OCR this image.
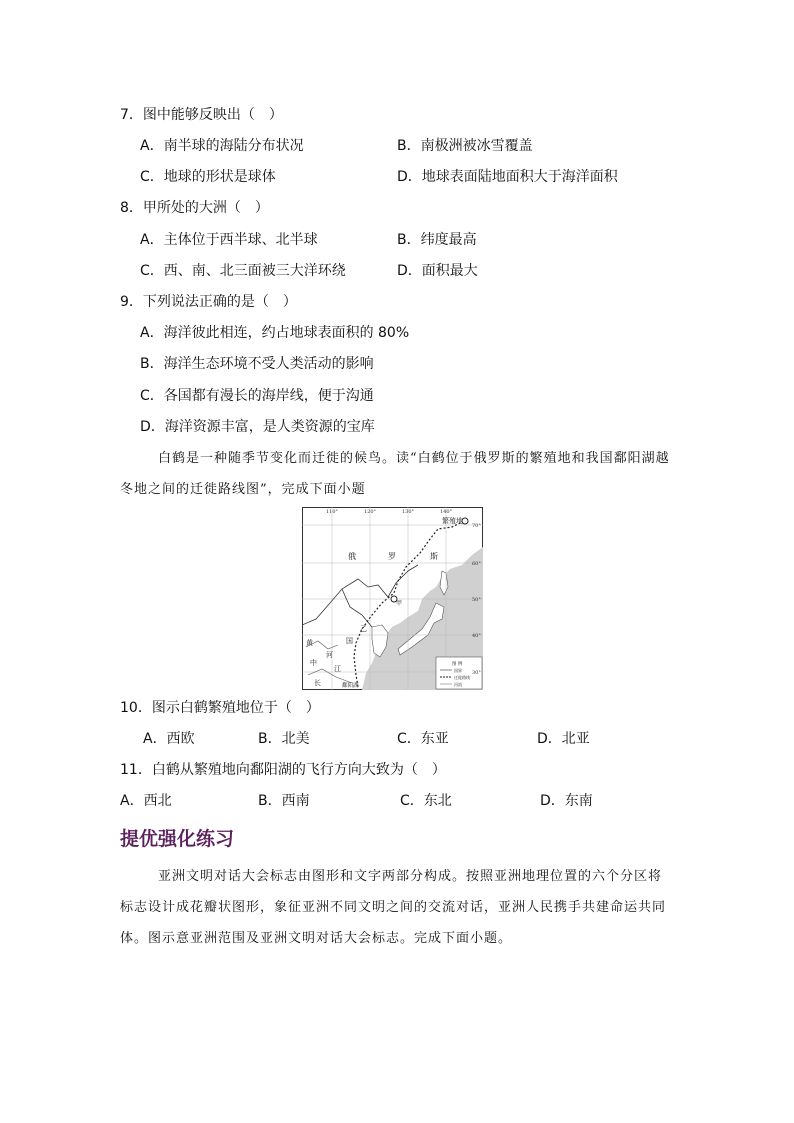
7．图中能够反映出（　）
A．南半球的海陆分布状况	B．南极洲被冰雪覆盖
C．地球的形状是球体	D．地球表面陆地面积大于海洋面积
8．甲所处的大洲（　）
A．主体位于西半球、北半球	B．纬度最高
C．西、南、北三面被三大洋环绕	D．面积最大
9．下列说法正确的是（　）
A．海洋彼此相连，约占地球表面积的 80%
B．海洋生态环境不受人类活动的影响
C．各国都有漫长的海岸线，便于沟通
D．海洋资源丰富，是人类资源的宝库
白鹤是一种随季节变化而迁徙的候鸟。读“白鹤位于俄罗斯的繁殖地和我国鄱阳湖越
冬地之间的迁徙路线图”，完成下面小题
110°	120°	130°	140°
70°
60°
50°
40°
30°
繁殖地
俄	罗	斯
甲
乙
国
黄
河
中
江
长	鄱阳湖
图 例
国界
迁徙路线
河流
10．图示白鹤繁殖地位于（　）
A．西欧	B．北美	C．东亚	D．北亚
11．白鹤从繁殖地向鄱阳湖的飞行方向大致为（　）
A．西北	B．西南	C．东北	D．东南
提优强化练习
亚洲文明对话大会标志由图形和文字两部分构成。按照亚洲地理位置的六个分区将
标志设计成花瓣状图形，象征亚洲不同文明之间的交流对话，亚洲人民携手共建命运共同
体。图示意亚洲范围及亚洲文明对话大会标志。完成下面小题。
